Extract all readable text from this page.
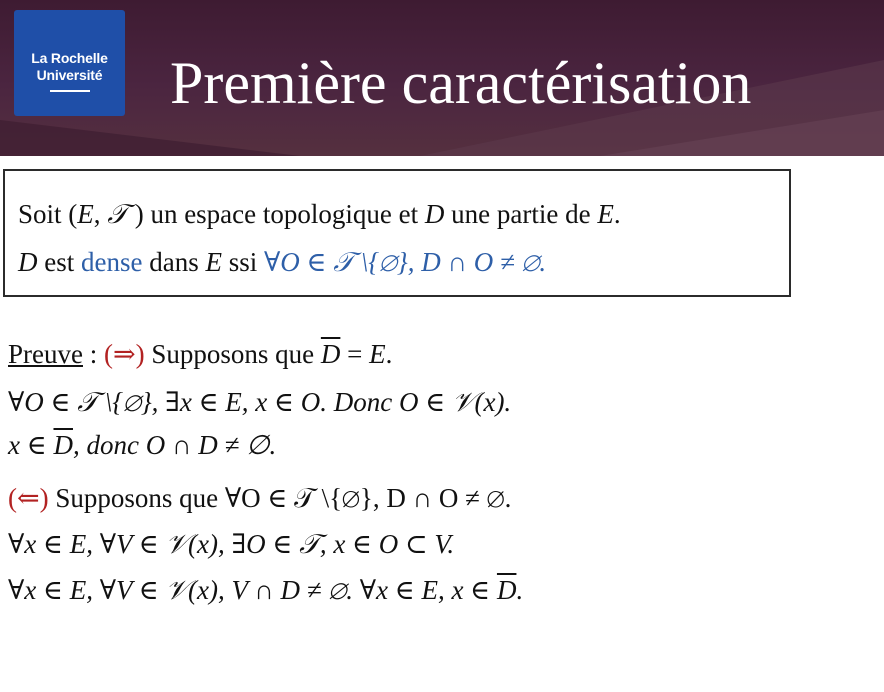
La Rochelle
Université	Première caractérisation
Soit (E, 𝒯 ) un espace topologique et D une partie de E.
D est dense dans E ssi ∀O ∈ 𝒯 \{∅}, D ∩ O ≠ ∅.
Preuve : (⇒) Supposons que $\overline{D} = E$.
∀O ∈ 𝒯 \{∅}, ∃x ∈ E, x ∈ O. Donc O ∈ 𝒱(x).
x ∈ $\overline{D}$, donc O ∩ D ≠ ∅.
(⇐) Supposons que ∀O ∈ 𝒯 \{∅}, D ∩ O ≠ ∅.
∀x ∈ E, ∀V ∈ 𝒱(x), ∃O ∈ 𝒯, x ∈ O ⊂ V.
∀x ∈ E, ∀V ∈ 𝒱(x), V ∩ D ≠ ∅. ∀x ∈ E, x ∈ $\overline{D}$.
